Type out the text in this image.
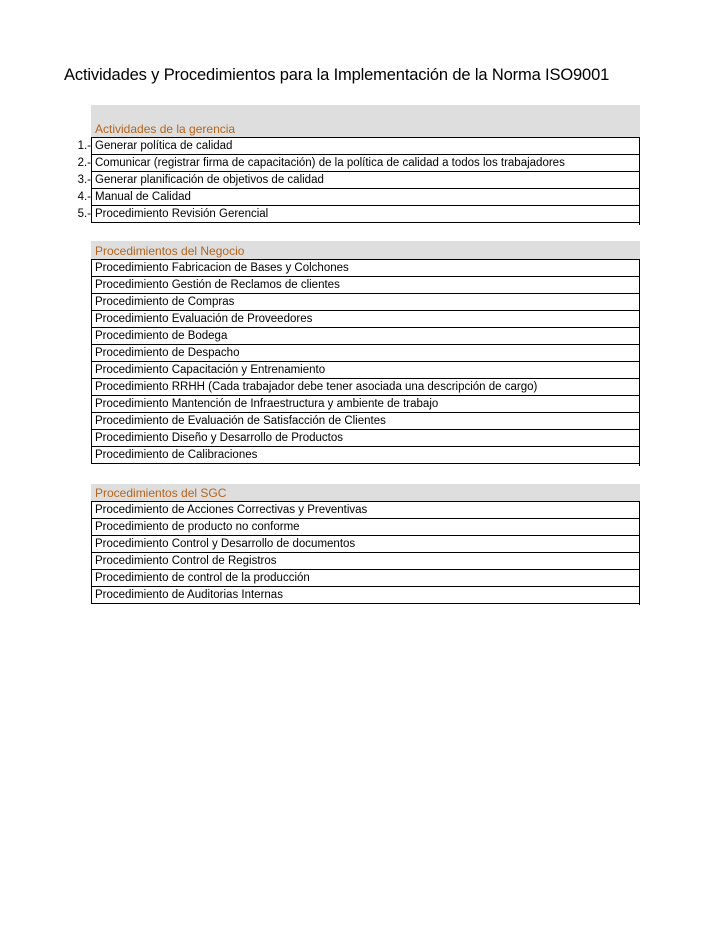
Actividades y Procedimientos para la Implementación de la Norma ISO9001
Actividades de la gerencia
1.- Generar política de calidad
2.- Comunicar (registrar firma de capacitación) de la política de calidad a todos los trabajadores
3.- Generar planificación de objetivos de calidad
4.- Manual de Calidad
5.- Procedimiento Revisión Gerencial
Procedimientos del Negocio
Procedimiento Fabricacion de Bases y Colchones
Procedimiento Gestión de Reclamos de clientes
Procedimiento de Compras
Procedimiento Evaluación de Proveedores
Procedimiento de Bodega
Procedimiento de Despacho
Procedimiento Capacitación y Entrenamiento
Procedimiento RRHH (Cada trabajador debe tener asociada una descripción de cargo)
Procedimiento Mantención de Infraestructura y ambiente de trabajo
Procedimiento de Evaluación de Satisfacción de Clientes
Procedimiento Diseño y Desarrollo de Productos
Procedimiento de Calibraciones
Procedimientos del SGC
Procedimiento de Acciones Correctivas y Preventivas
Procedimiento de producto no conforme
Procedimiento Control y Desarrollo de documentos
Procedimiento Control de Registros
Procedimiento de control de la producción
Procedimiento de Auditorias Internas
